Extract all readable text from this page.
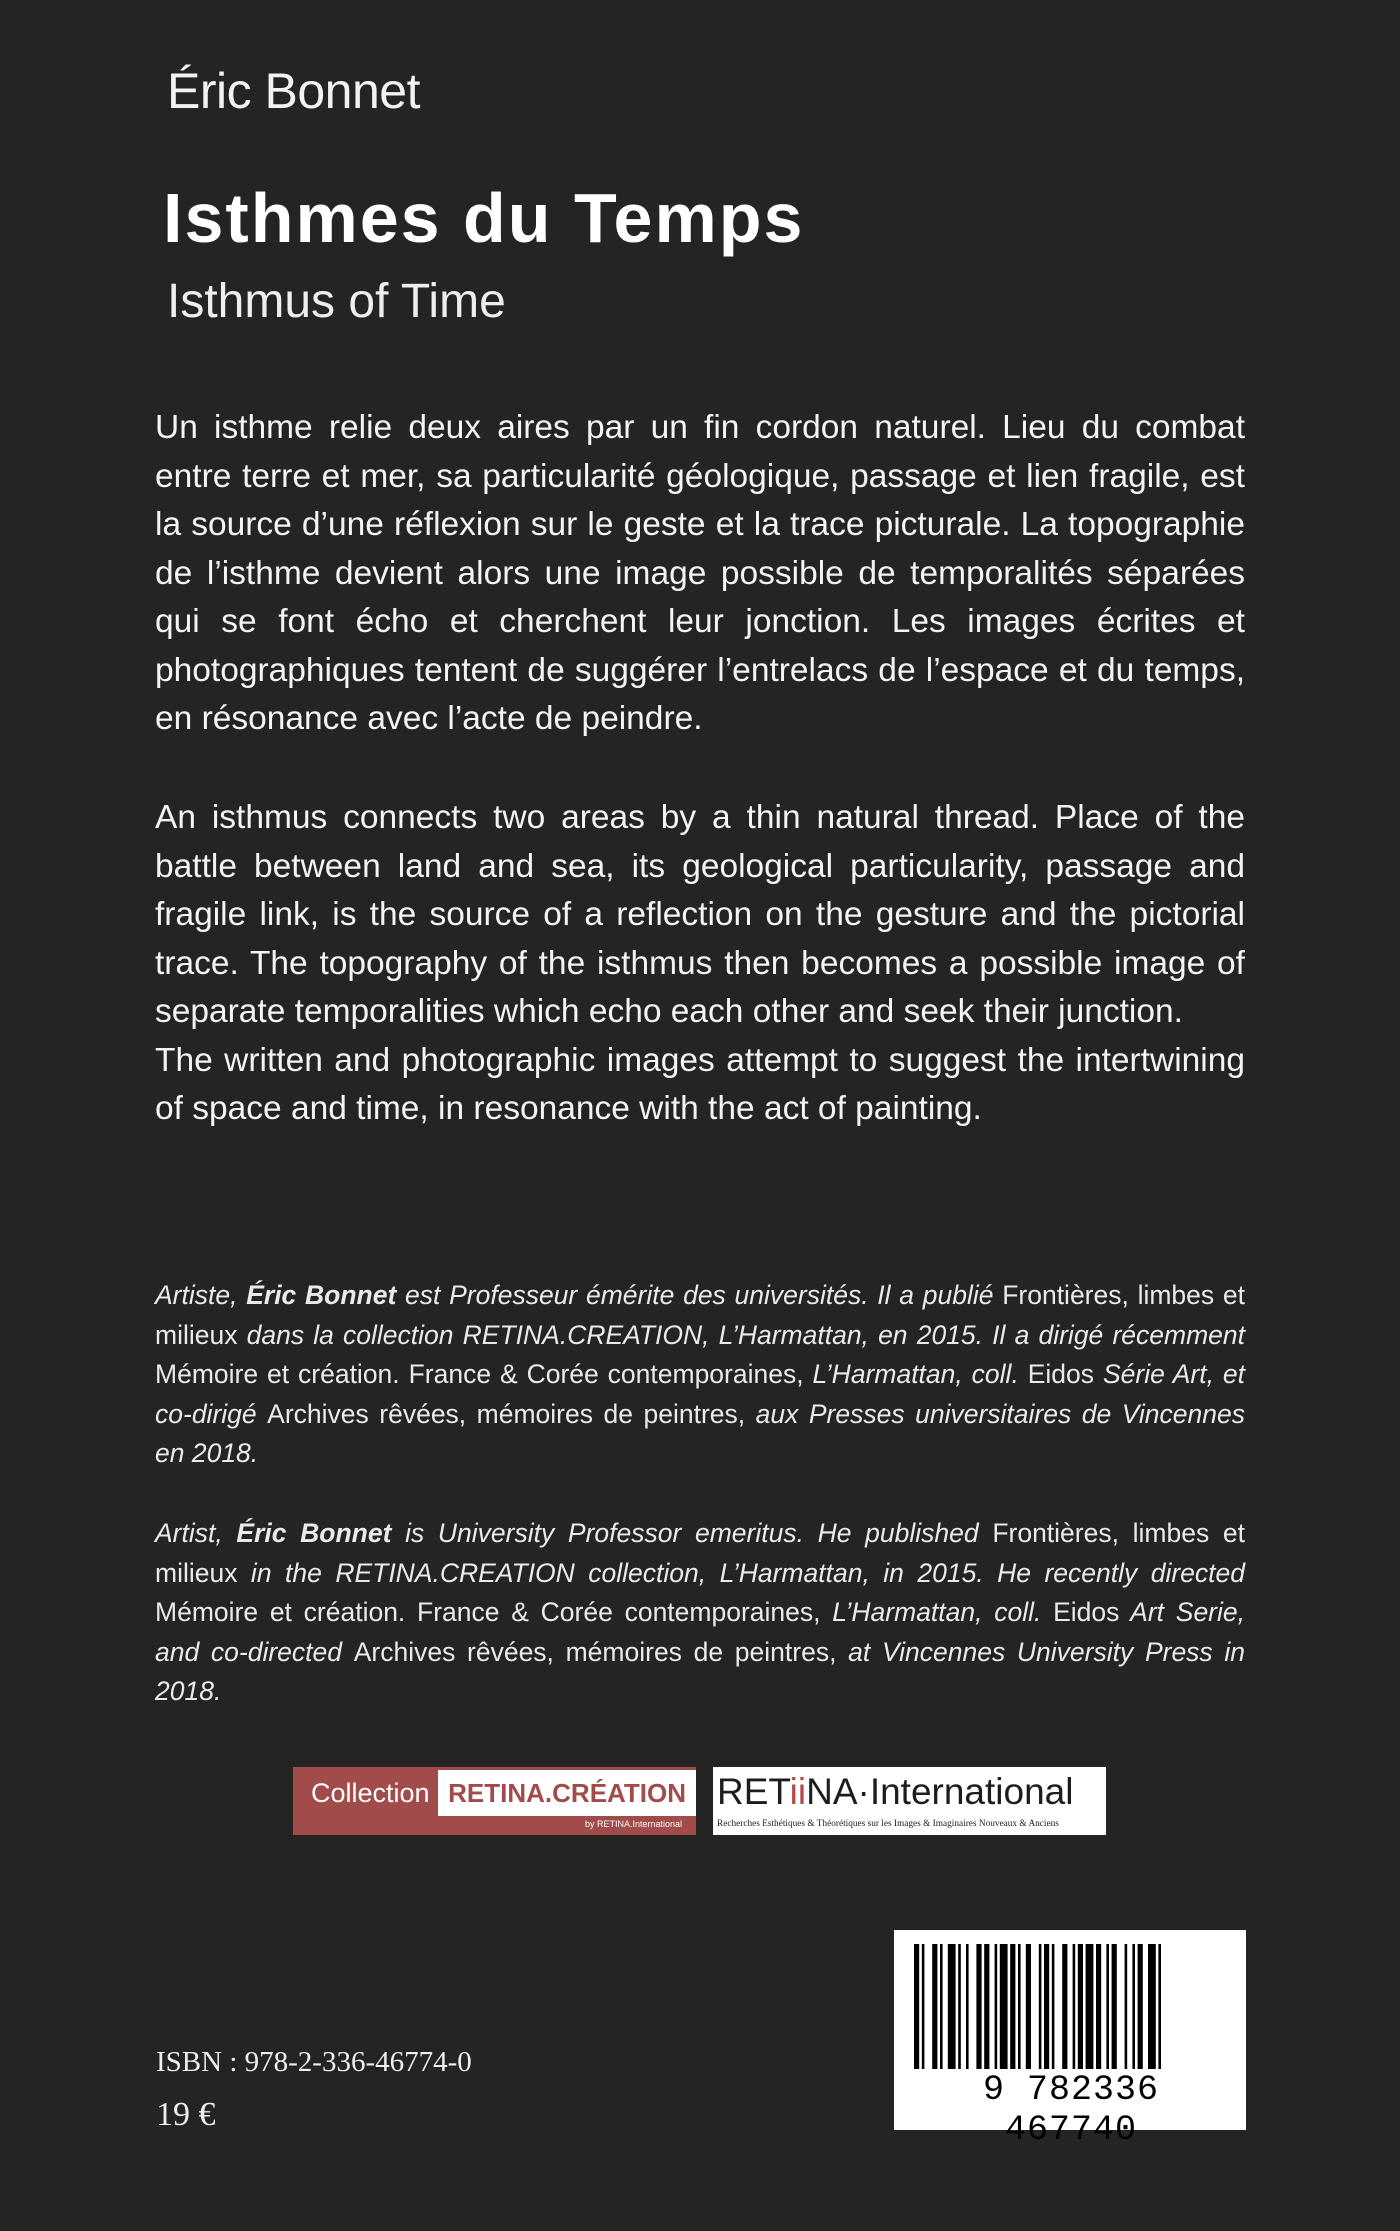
Éric Bonnet
Isthmes du Temps
Isthmus of Time
Un isthme relie deux aires par un fin cordon naturel. Lieu du combat entre terre et mer, sa particularité géologique, passage et lien fragile, est la source d’une réflexion sur le geste et la trace picturale. La topographie de l’isthme devient alors une image possible de temporalités séparées qui se font écho et cherchent leur jonction. Les images écrites et photographiques tentent de suggérer l’entrelacs de l’espace et du temps, en résonance avec l’acte de peindre.
An isthmus connects two areas by a thin natural thread. Place of the battle between land and sea, its geological particularity, passage and fragile link, is the source of a reflection on the gesture and the pictorial trace. The topography of the isthmus then becomes a possible image of separate temporalities which echo each other and seek their junction.
The written and photographic images attempt to suggest the intertwining of space and time, in resonance with the act of painting.
Artiste, Éric Bonnet est Professeur émérite des universités. Il a publié Frontières, limbes et milieux dans la collection RETINA.CREATION, L’Harmattan, en 2015. Il a dirigé récemment Mémoire et création. France & Corée contemporaines, L’Harmattan, coll. Eidos Série Art, et co-dirigé Archives rêvées, mémoires de peintres, aux Presses universitaires de Vincennes en 2018.
Artist, Éric Bonnet is University Professor emeritus. He published Frontières, limbes et milieux in the RETINA.CREATION collection, L’Harmattan, in 2015. He recently directed Mémoire et création. France & Corée contemporaines, L’Harmattan, coll. Eidos Art Serie, and co-directed Archives rêvées, mémoires de peintres, at Vincennes University Press in 2018.
Collection RETINA.CRÉATION
by RETINA.International
RETiiNA·International
Recherches Esthétiques & Théorétiques sur les Images & Imaginaires Nouveaux & Anciens
9 782336 467740
ISBN : 978-2-336-46774-0
19 €
